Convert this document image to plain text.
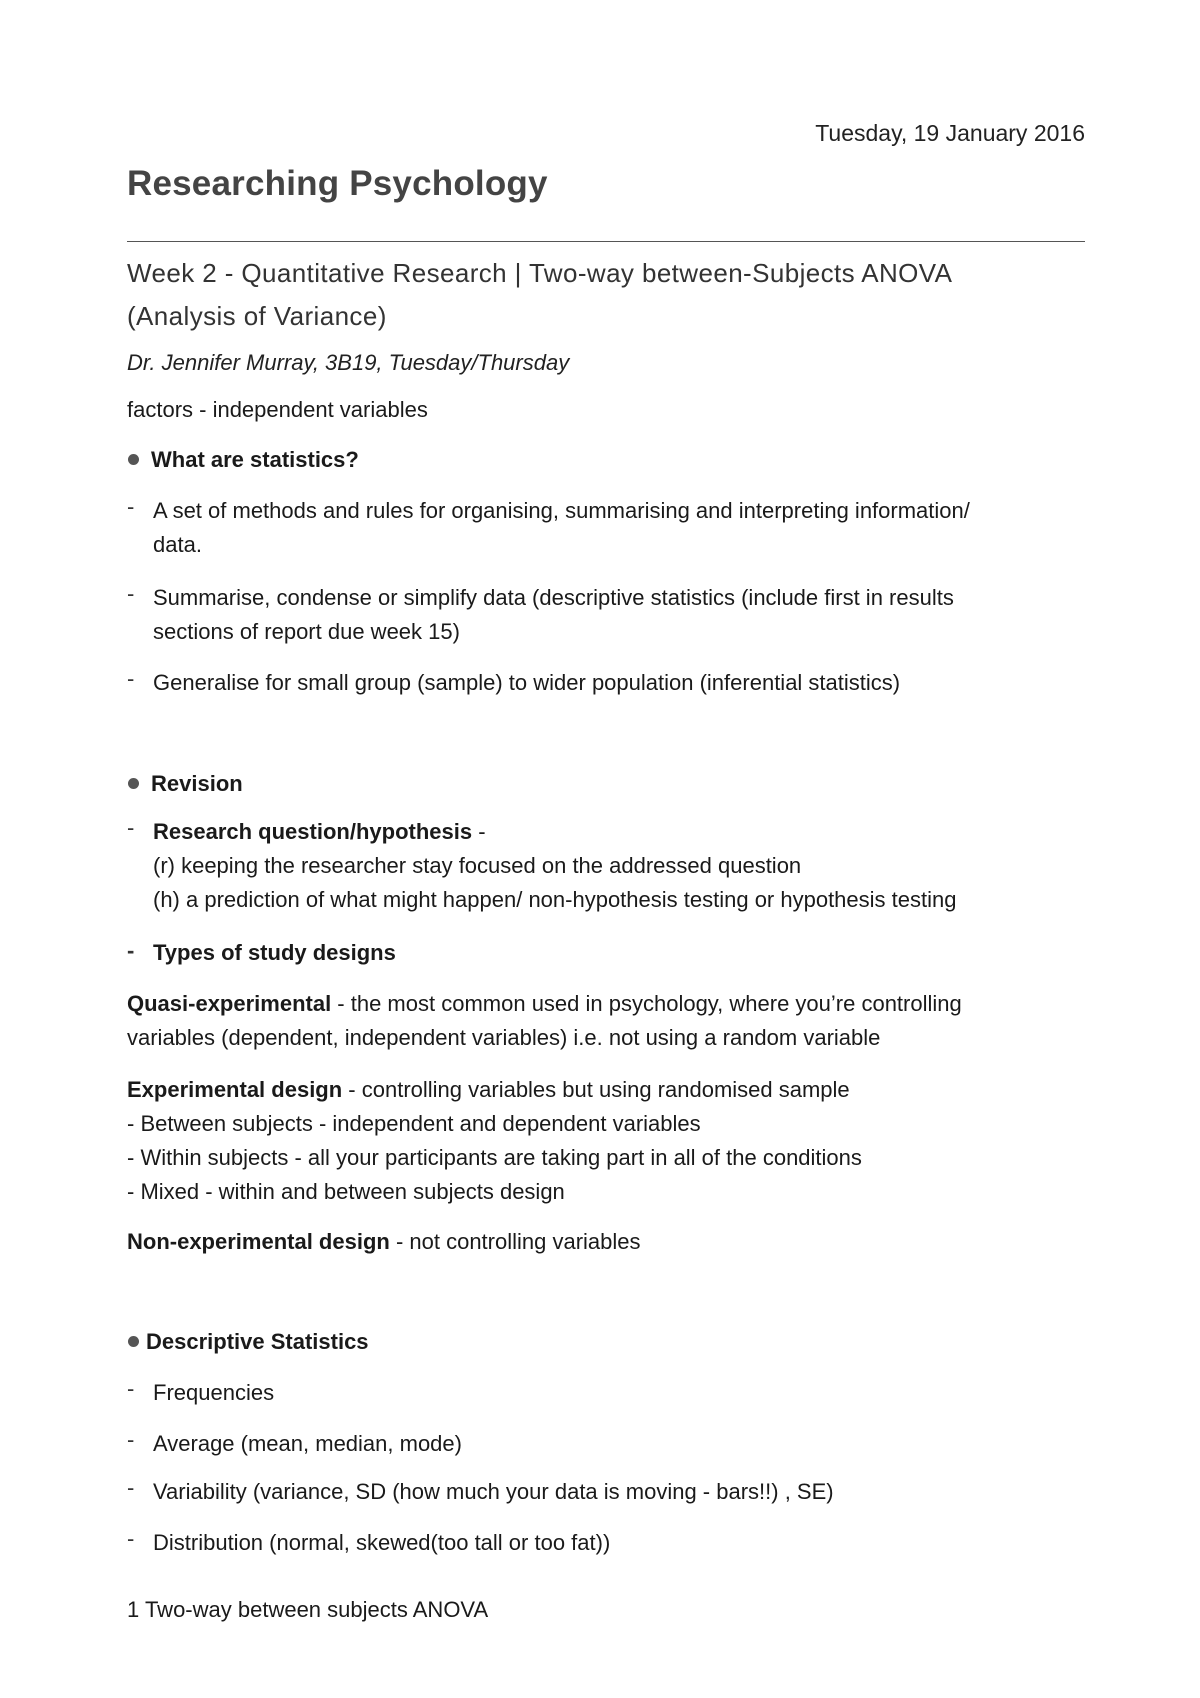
Tuesday, 19 January 2016
Researching Psychology
Week 2 - Quantitative Research | Two-way between-Subjects ANOVA
(Analysis of Variance)
Dr. Jennifer Murray, 3B19, Tuesday/Thursday
factors - independent variables
What are statistics?
- A set of methods and rules for organising, summarising and interpreting information/
data.
- Summarise, condense or simplify data (descriptive statistics (include first in results
sections of report due week 15)
- Generalise for small group (sample) to wider population (inferential statistics)
Revision
- Research question/hypothesis -
(r) keeping the researcher stay focused on the addressed question
(h) a prediction of what might happen/ non-hypothesis testing or hypothesis testing
- Types of study designs
Quasi-experimental - the most common used in psychology, where you’re controlling
variables (dependent, independent variables) i.e. not using a random variable
Experimental design - controlling variables but using randomised sample
- Between subjects - independent and dependent variables
- Within subjects - all your participants are taking part in all of the conditions
- Mixed - within and between subjects design
Non-experimental design - not controlling variables
Descriptive Statistics
- Frequencies
- Average (mean, median, mode)
- Variability (variance, SD (how much your data is moving - bars!!) , SE)
- Distribution (normal, skewed(too tall or too fat))
1 Two-way between subjects ANOVA
